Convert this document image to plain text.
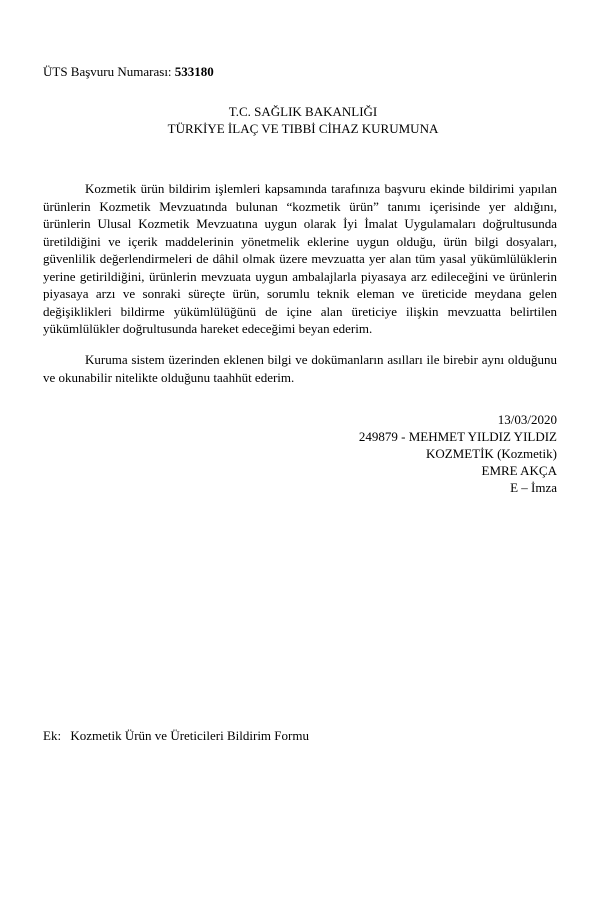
ÜTS Başvuru Numarası: 533180
T.C. SAĞLIK BAKANLIĞI
TÜRKİYE İLAÇ VE TIBBİ CİHAZ KURUMUNA
Kozmetik ürün bildirim işlemleri kapsamında tarafınıza başvuru ekinde bildirimi yapılan ürünlerin Kozmetik Mevzuatında bulunan “kozmetik ürün” tanımı içerisinde yer aldığını, ürünlerin Ulusal Kozmetik Mevzuatına uygun olarak İyi İmalat Uygulamaları doğrultusunda üretildiğini ve içerik maddelerinin yönetmelik eklerine uygun olduğu, ürün bilgi dosyaları, güvenlilik değerlendirmeleri de dâhil olmak üzere mevzuatta yer alan tüm yasal yükümlülüklerin yerine getirildiğini, ürünlerin mevzuata uygun ambalajlarla piyasaya arz edileceğini ve ürünlerin piyasaya arzı ve sonraki süreçte ürün, sorumlu teknik eleman ve üreticide meydana gelen değişiklikleri bildirme yükümlülüğünü de içine alan üreticiye ilişkin mevzuatta belirtilen yükümlülükler doğrultusunda hareket edeceğimi beyan ederim.
Kuruma sistem üzerinden eklenen bilgi ve dokümanların asılları ile birebir aynı olduğunu ve okunabilir nitelikte olduğunu taahhüt ederim.
13/03/2020
249879 - MEHMET YILDIZ YILDIZ
KOZMETİK (Kozmetik)
EMRE AKÇA
E – İmza
Ek: Kozmetik Ürün ve Üreticileri Bildirim Formu
